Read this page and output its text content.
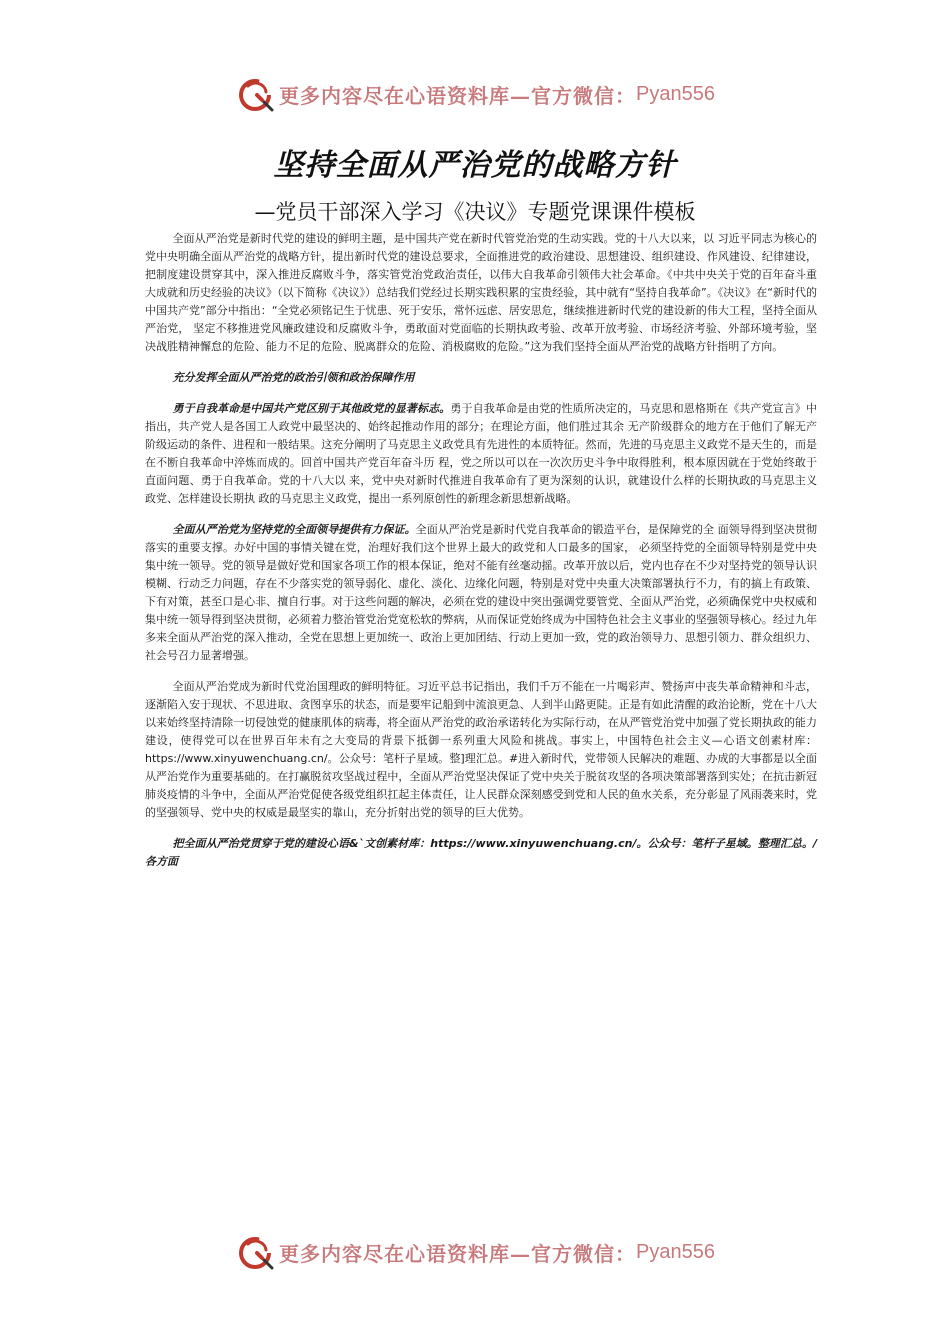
更多内容尽在心语资料库—官方微信： Pyan556
坚持全面从严治党的战略方针
—党员干部深入学习《决议》专题党课课件模板

全面从严治党是新时代党的建设的鲜明主题，是中国共产党在新时代管党治党的生动实践。党的十八大以来，以 习近平同志为核心的党中央明确全面从严治党的战略方针，提出新时代党的建设总要求，全面推进党的政治建设、思想建设、组织建设、作风建设、纪律建设，把制度建设贯穿其中，深入推进反腐败斗争，落实管党治党政治责任，以伟大自我革命引领伟大社会革命。《中共中央关于党的百年奋斗重大成就和历史经验的决议》（以下简称《决议》）总结我们党经过长期实践积累的宝贵经验，其中就有“坚持自我革命”。《决议》在“新时代的中国共产党”部分中指出：“全党必须铭记生于忧患、死于安乐，常怀远虑、居安思危，继续推进新时代党的建设新的伟大工程，坚持全面从严治党， 坚定不移推进党风廉政建设和反腐败斗争，勇敢面对党面临的长期执政考验、改革开放考验、市场经济考验、外部环境考验，坚决战胜精神懈怠的危险、能力不足的危险、脱离群众的危险、消极腐败的危险。”这为我们坚持全面从严治党的战略方针指明了方向。

充分发挥全面从严治党的政治引领和政治保障作用

勇于自我革命是中国共产党区别于其他政党的显著标志。勇于自我革命是由党的性质所决定的，马克思和恩格斯在《共产党宣言》中指出，共产党人是各国工人政党中最坚决的、始终起推动作用的部分；在理论方面，他们胜过其余 无产阶级群众的地方在于他们了解无产阶级运动的条件、进程和一般结果。这充分阐明了马克思主义政党具有先进性的本质特征。然而，先进的马克思主义政党不是天生的，而是在不断自我革命中淬炼而成的。回首中国共产党百年奋斗历 程，党之所以可以在一次次历史斗争中取得胜利，根本原因就在于党始终敢于直面问题、勇于自我革命。党的十八大以 来，党中央对新时代推进自我革命有了更为深刻的认识，就建设什么样的长期执政的马克思主义政党、怎样建设长期执 政的马克思主义政党，提出一系列原创性的新理念新思想新战略。

全面从严治党为坚持党的全面领导提供有力保证。全面从严治党是新时代党自我革命的锻造平台，是保障党的全 面领导得到坚决贯彻落实的重要支撑。办好中国的事情关键在党，治理好我们这个世界上最大的政党和人口最多的国家， 必须坚持党的全面领导特别是党中央集中统一领导。党的领导是做好党和国家各项工作的根本保证，绝对不能有丝毫动摇。改革开放以后，党内也存在不少对坚持党的领导认识模糊、行动乏力问题，存在不少落实党的领导弱化、虚化、淡化、边缘化问题，特别是对党中央重大决策部署执行不力，有的搞上有政策、下有对策，甚至口是心非、擅自行事。对于这些问题的解决，必须在党的建设中突出强调党要管党、全面从严治党，必须确保党中央权威和集中统一领导得到坚决贯彻，必须着力整治管党治党宽松软的弊病，从而保证党始终成为中国特色社会主义事业的坚强领导核心。经过九年多来全面从严治党的深入推动，全党在思想上更加统一、政治上更加团结、行动上更加一致，党的政治领导力、思想引领力、群众组织力、社会号召力显著增强。

全面从严治党成为新时代党治国理政的鲜明特征。习近平总书记指出，我们千万不能在一片喝彩声、赞扬声中丧失革命精神和斗志，逐渐陷入安于现状、不思进取、贪图享乐的状态，而是要牢记船到中流浪更急、人到半山路更陡。正是有如此清醒的政治论断，党在十八大以来始终坚持清除一切侵蚀党的健康肌体的病毒，将全面从严治党的政治承诺转化为实际行动，在从严管党治党中加强了党长期执政的能力建设，使得党可以在世界百年未有之大变局的背景下抵御一系列重大风险和挑战。事实上，中国特色社会主义—心语文创素材库：https://www.xinyuwenchuang.cn/。公众号：笔杆子星域。整]理汇总。#进入新时代，党带领人民解决的难题、办成的大事都是以全面从严治党作为重要基础的。在打赢脱贫攻坚战过程中，全面从严治党坚决保证了党中央关于脱贫攻坚的各项决策部署落到实处；在抗击新冠肺炎疫情的斗争中，全面从严治党促使各级党组织扛起主体责任，让人民群众深刻感受到党和人民的鱼水关系，充分彰显了风雨袭来时，党的坚强领导、党中央的权威是最坚实的靠山，充分折射出党的领导的巨大优势。

把全面从严治党贯穿于党的建设心语&`文创素材库：https://www.xinyuwenchuang.cn/。公众号：笔杆子星域。整理汇总。/各方面

更多内容尽在心语资料库—官方微信： Pyan556
